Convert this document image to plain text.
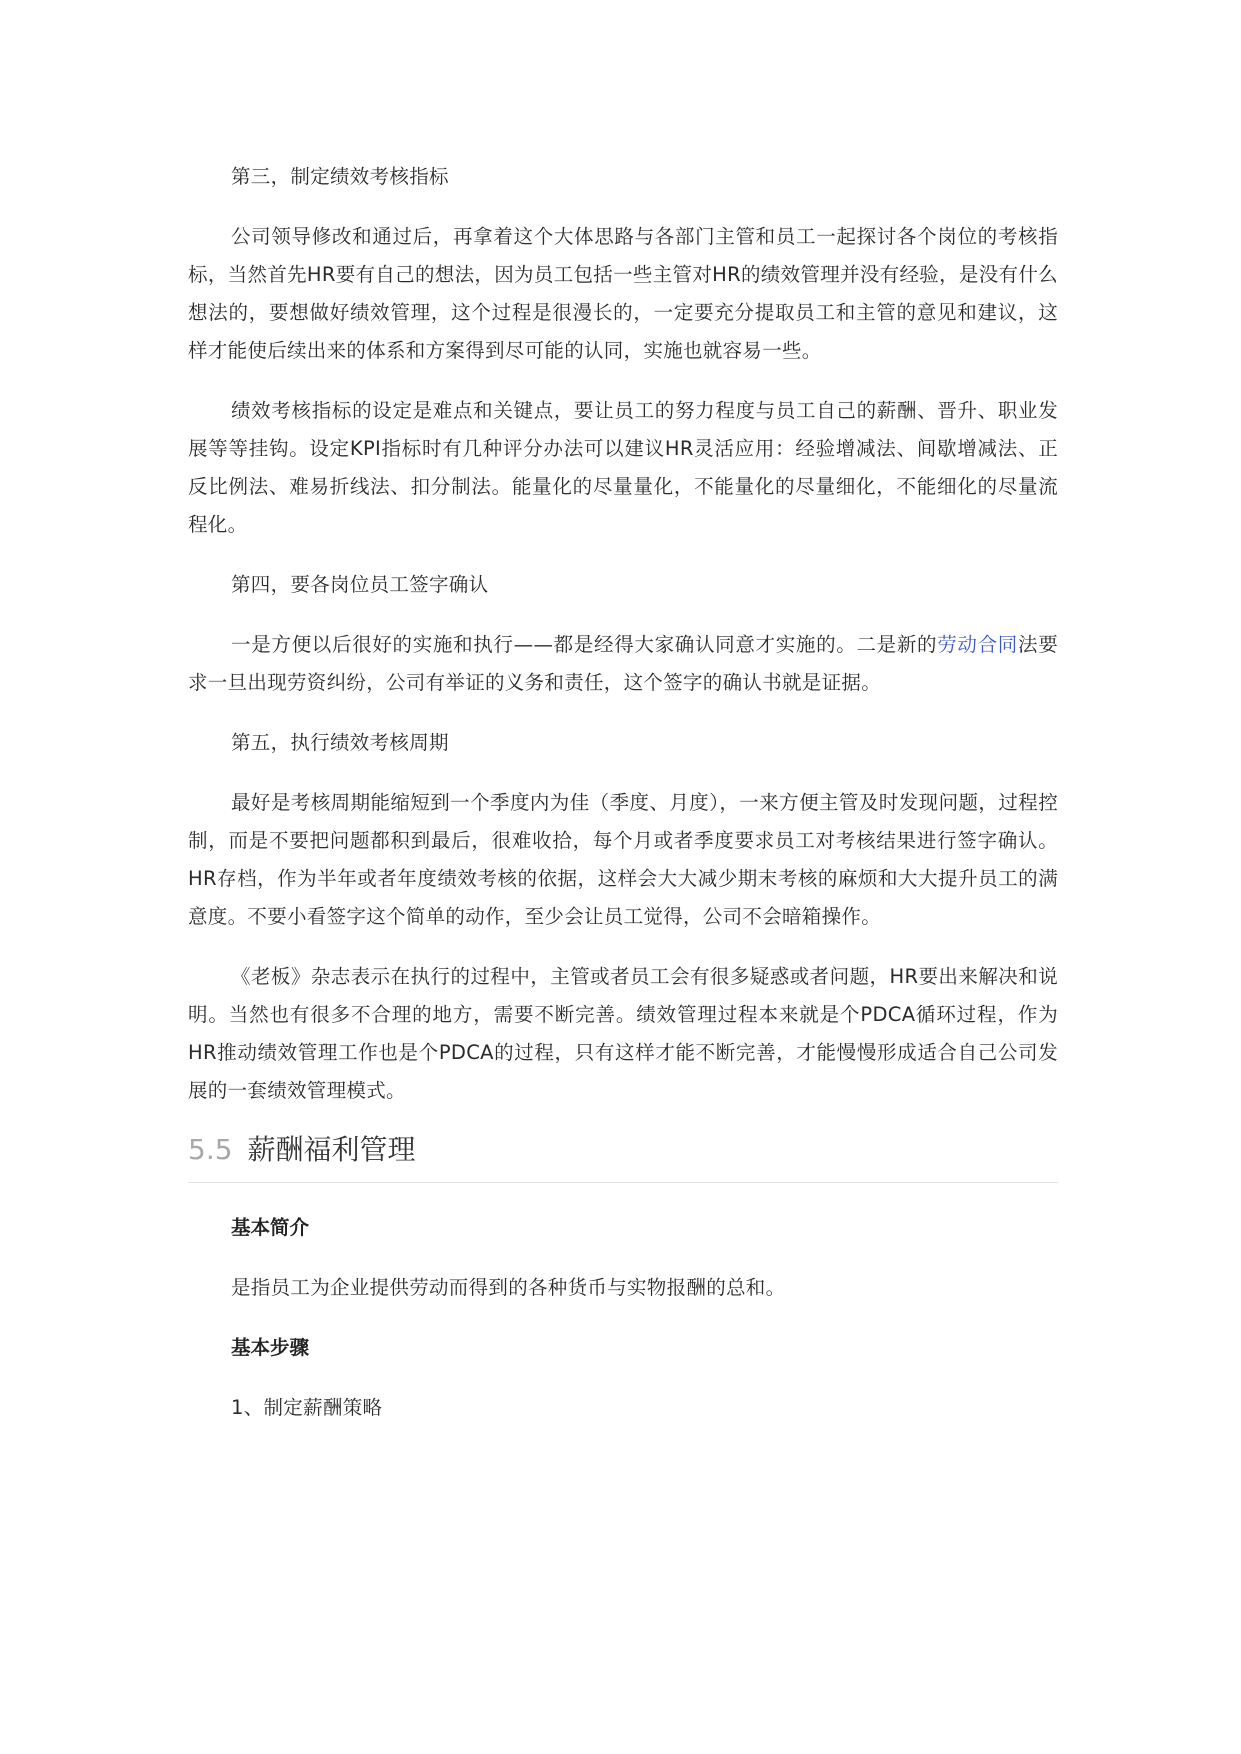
第三，制定绩效考核指标

公司领导修改和通过后，再拿着这个大体思路与各部门主管和员工一起探讨各个岗位的考核指标，当然首先HR要有自己的想法，因为员工包括一些主管对HR的绩效管理并没有经验，是没有什么想法的，要想做好绩效管理，这个过程是很漫长的，一定要充分提取员工和主管的意见和建议，这样才能使后续出来的体系和方案得到尽可能的认同，实施也就容易一些。

绩效考核指标的设定是难点和关键点，要让员工的努力程度与员工自己的薪酬、晋升、职业发展等等挂钩。设定KPI指标时有几种评分办法可以建议HR灵活应用：经验增减法、间歇增减法、正反比例法、难易折线法、扣分制法。能量化的尽量量化，不能量化的尽量细化，不能细化的尽量流程化。

第四，要各岗位员工签字确认

一是方便以后很好的实施和执行——都是经得大家确认同意才实施的。二是新的劳动合同法要求一旦出现劳资纠纷，公司有举证的义务和责任，这个签字的确认书就是证据。

第五，执行绩效考核周期

最好是考核周期能缩短到一个季度内为佳（季度、月度），一来方便主管及时发现问题，过程控制，而是不要把问题都积到最后，很难收拾，每个月或者季度要求员工对考核结果进行签字确认。HR存档，作为半年或者年度绩效考核的依据，这样会大大减少期末考核的麻烦和大大提升员工的满意度。不要小看签字这个简单的动作，至少会让员工觉得，公司不会暗箱操作。

《老板》杂志表示在执行的过程中，主管或者员工会有很多疑惑或者问题，HR要出来解决和说明。当然也有很多不合理的地方，需要不断完善。绩效管理过程本来就是个PDCA循环过程，作为HR推动绩效管理工作也是个PDCA的过程，只有这样才能不断完善，才能慢慢形成适合自己公司发展的一套绩效管理模式。

5.5 薪酬福利管理
基本简介
是指员工为企业提供劳动而得到的各种货币与实物报酬的总和。
基本步骤
1、制定薪酬策略
